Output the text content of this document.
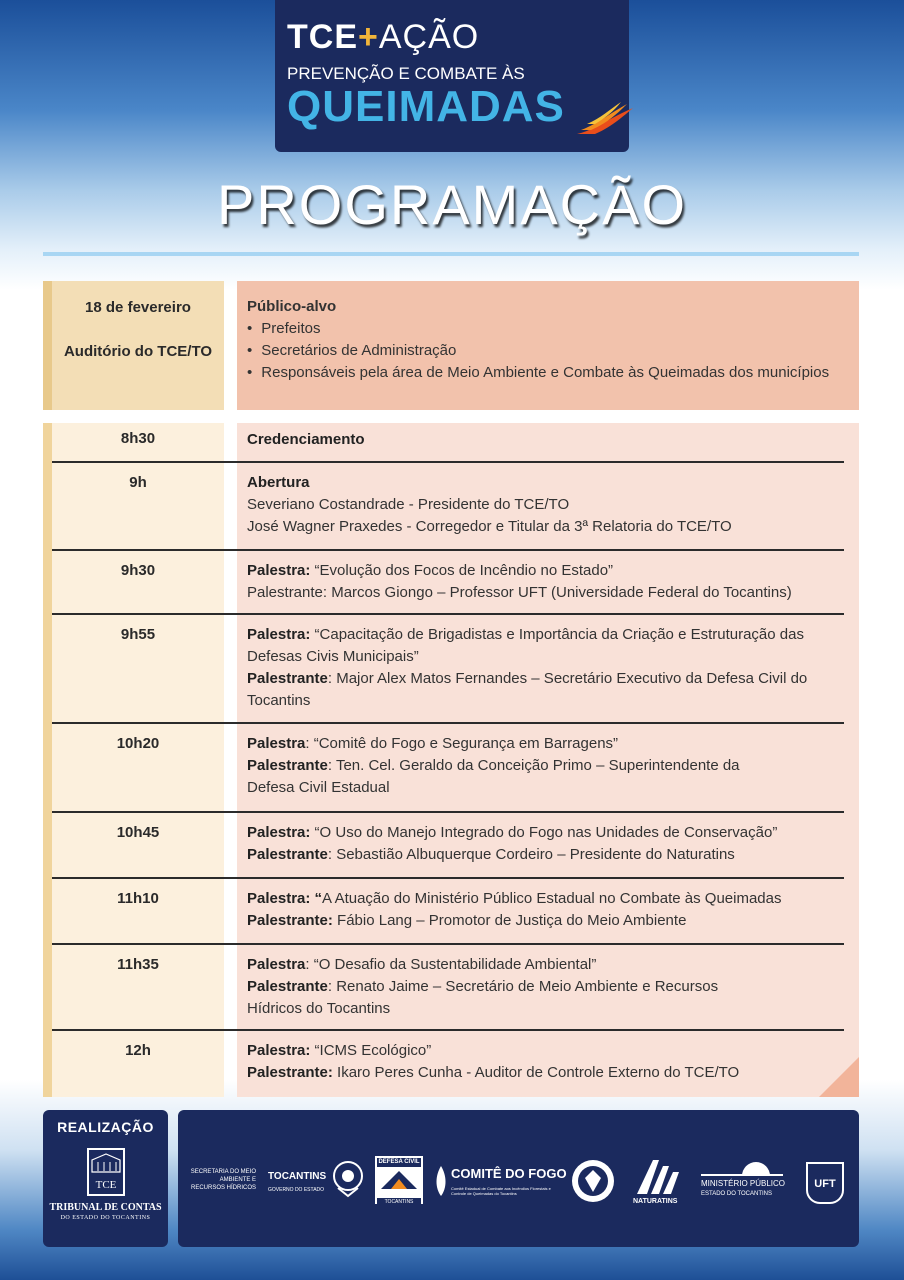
TCE+AÇÃO
PREVENÇÃO E COMBATE ÀS
QUEIMADAS
PROGRAMAÇÃO
18 de fevereiro
Auditório do TCE/TO
Público-alvo
• Prefeitos
• Secretários de Administração
• Responsáveis pela área de Meio Ambiente e Combate às Queimadas dos municípios
8h30	Credenciamento
9h	Abertura
Severiano Costandrade - Presidente do TCE/TO
José Wagner Praxedes - Corregedor e Titular da 3ª Relatoria do TCE/TO
9h30	Palestra: “Evolução dos Focos de Incêndio no Estado”
Palestrante: Marcos Giongo – Professor UFT (Universidade Federal do Tocantins)
9h55	Palestra: “Capacitação de Brigadistas e Importância da Criação e Estruturação das Defesas Civis Municipais”
Palestrante: Major Alex Matos Fernandes – Secretário Executivo da Defesa Civil do Tocantins
10h20	Palestra: “Comitê do Fogo e Segurança em Barragens”
Palestrante: Ten. Cel. Geraldo da Conceição Primo – Superintendente da Defesa Civil Estadual
10h45	Palestra: “O Uso do Manejo Integrado do Fogo nas Unidades de Conservação”
Palestrante: Sebastião Albuquerque Cordeiro – Presidente do Naturatins
11h10	Palestra: “A Atuação do Ministério Público Estadual no Combate às Queimadas
Palestrante: Fábio Lang – Promotor de Justiça do Meio Ambiente
11h35	Palestra: “O Desafio da Sustentabilidade Ambiental”
Palestrante: Renato Jaime – Secretário de Meio Ambiente e Recursos Hídricos do Tocantins
12h	Palestra: “ICMS Ecológico”
Palestrante: Ikaro Peres Cunha - Auditor de Controle Externo do TCE/TO
REALIZAÇÃO
TCE
TRIBUNAL DE CONTAS
DO ESTADO DO TOCANTINS
SECRETARIA DO MEIO AMBIENTE E RECURSOS HÍDRICOS
TOCANTINS
GOVERNO DO ESTADO
DEFESA CIVIL
TOCANTINS
COMITÊ DO FOGO
Comitê Estadual de Combate aos Incêndios Florestais e Controle de Queimadas do Tocantins
NATURATINS
MINISTÉRIO PÚBLICO
ESTADO DO TOCANTINS
UFT
